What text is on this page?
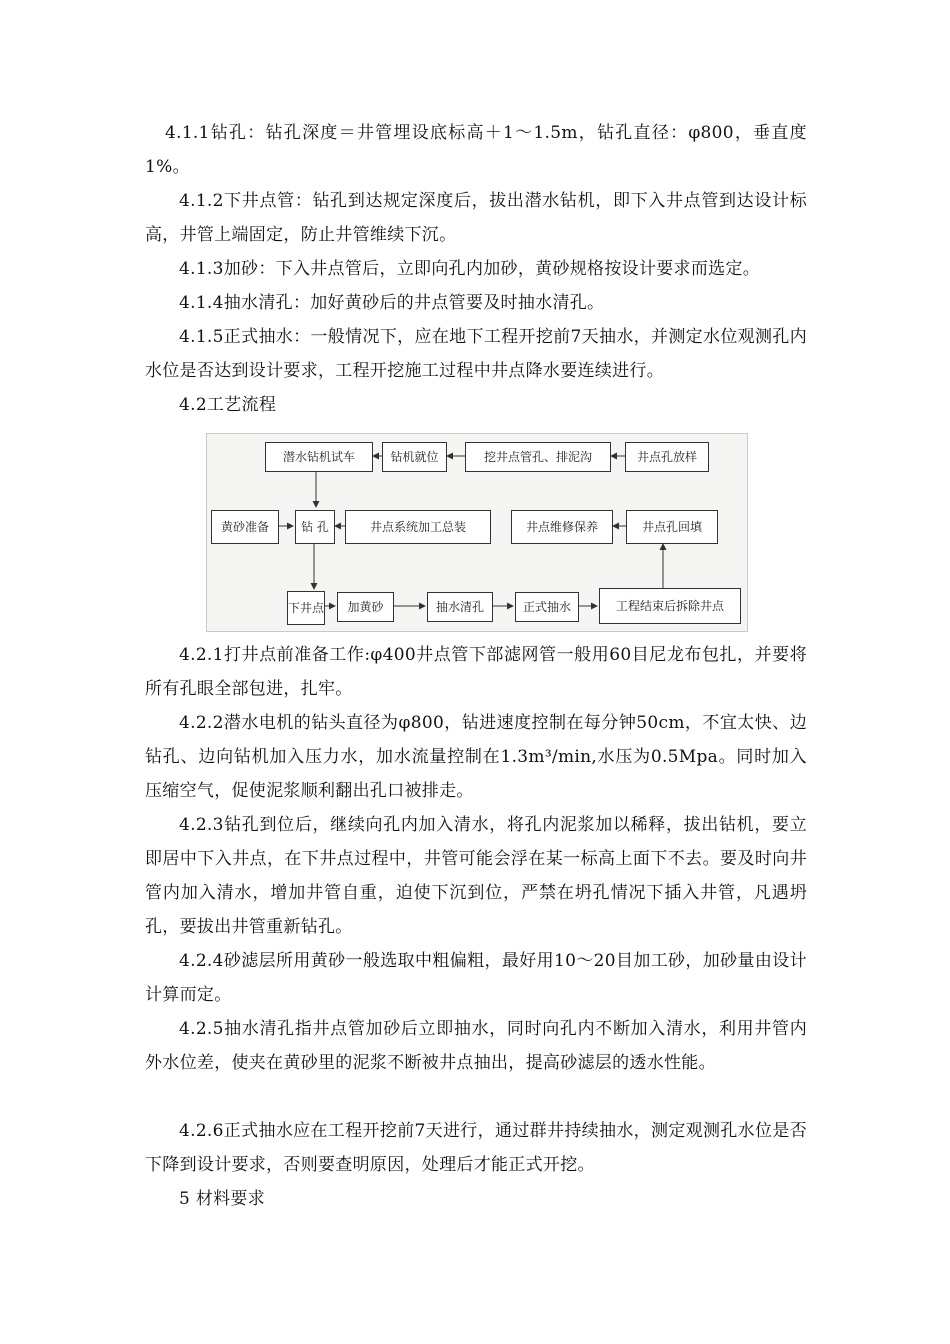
4.1.1钻孔：钻孔深度＝井管埋设底标高＋1～1.5m，钻孔直径：φ800，垂直度1%。

4.1.2下井点管：钻孔到达规定深度后，拔出潜水钻机，即下入井点管到达设计标高，井管上端固定，防止井管维续下沉。

4.1.3加砂：下入井点管后，立即向孔内加砂，黄砂规格按设计要求而选定。

4.1.4抽水清孔：加好黄砂后的井点管要及时抽水清孔。

4.1.5正式抽水：一般情况下，应在地下工程开挖前7天抽水，并测定水位观测孔内水位是否达到设计要求，工程开挖施工过程中井点降水要连续进行。

4.2工艺流程

井点孔放样
挖井点管孔、排泥沟
钻机就位
潜水钻机试车
黄砂准备	钻 孔	井点系统加工总装	井点维修保养	井点孔回填
下井点	加黄砂	抽水清孔	正式抽水	工程结束后拆除井点

4.2.1打井点前准备工作:φ400井点管下部滤网管一般用60目尼龙布包扎，并要将所有孔眼全部包进，扎牢。

4.2.2潜水电机的钻头直径为φ800，钻进速度控制在每分钟50cm，不宜太快、边钻孔、边向钻机加入压力水，加水流量控制在1.3m³/min,水压为0.5Mpa。同时加入压缩空气，促使泥浆顺利翻出孔口被排走。

4.2.3钻孔到位后，继续向孔内加入清水，将孔内泥浆加以稀释，拔出钻机，要立即居中下入井点，在下井点过程中，井管可能会浮在某一标高上面下不去。要及时向井管内加入清水，增加井管自重，迫使下沉到位，严禁在坍孔情况下插入井管，凡遇坍孔，要拔出井管重新钻孔。

4.2.4砂滤层所用黄砂一般选取中粗偏粗，最好用10～20目加工砂，加砂量由设计计算而定。

4.2.5抽水清孔指井点管加砂后立即抽水，同时向孔内不断加入清水，利用井管内外水位差，使夹在黄砂里的泥浆不断被井点抽出，提高砂滤层的透水性能。

4.2.6正式抽水应在工程开挖前7天进行，通过群井持续抽水，测定观测孔水位是否下降到设计要求，否则要查明原因，处理后才能正式开挖。

5 材料要求
